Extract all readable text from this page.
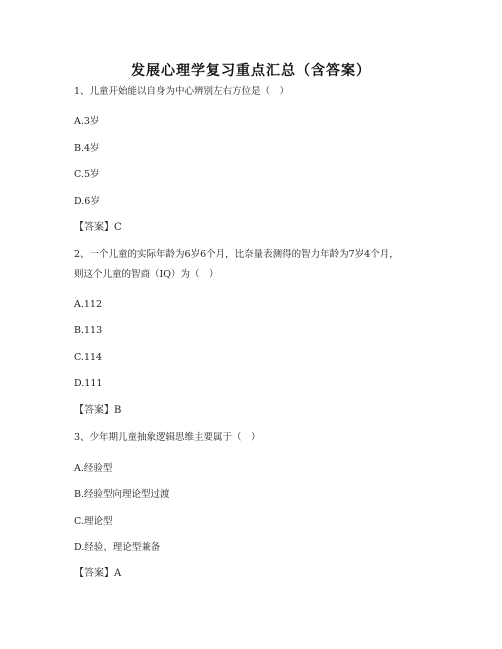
发展心理学复习重点汇总（含答案）
1、儿童开始能以自身为中心辨别左右方位是（　）
A.3岁
B.4岁
C.5岁
D.6岁
【答案】C
2、一个儿童的实际年龄为6岁6个月，比奈量表测得的智力年龄为7岁4个月，
则这个儿童的智商（IQ）为（　）
A.112
B.113
C.114
D.111
【答案】B
3、少年期儿童抽象逻辑思维主要属于（　）
A.经验型
B.经验型向理论型过渡
C.理论型
D.经验、理论型兼备
【答案】A
